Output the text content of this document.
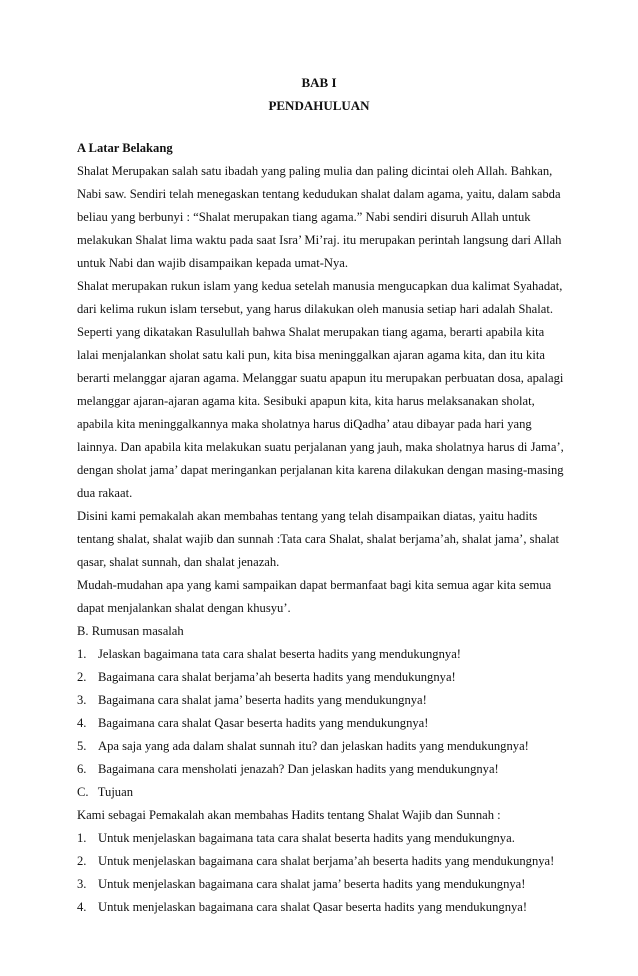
BAB I
PENDAHULUAN
A Latar Belakang
Shalat Merupakan salah satu ibadah yang paling mulia dan paling dicintai oleh Allah. Bahkan,
Nabi saw. Sendiri telah menegaskan tentang kedudukan shalat dalam agama, yaitu, dalam sabda
beliau yang berbunyi : “Shalat merupakan tiang agama.” Nabi sendiri disuruh Allah untuk
melakukan Shalat lima waktu pada saat Isra’ Mi’raj. itu merupakan perintah langsung dari Allah
untuk Nabi dan wajib disampaikan kepada umat-Nya.
Shalat merupakan rukun islam yang kedua setelah manusia mengucapkan dua kalimat Syahadat,
dari kelima rukun islam tersebut, yang harus dilakukan oleh manusia setiap hari adalah Shalat.
Seperti yang dikatakan Rasulullah bahwa Shalat merupakan tiang agama, berarti apabila kita
lalai menjalankan sholat satu kali pun, kita bisa meninggalkan ajaran agama kita, dan itu kita
berarti melanggar ajaran agama. Melanggar suatu apapun itu merupakan perbuatan dosa, apalagi
melanggar ajaran-ajaran agama kita. Sesibuki apapun kita, kita harus melaksanakan sholat,
apabila kita meninggalkannya maka sholatnya harus diQadha’ atau dibayar pada hari yang
lainnya. Dan apabila kita melakukan suatu perjalanan yang jauh, maka sholatnya harus di Jama’,
dengan sholat jama’ dapat meringankan perjalanan kita karena dilakukan dengan masing-masing
dua rakaat.
Disini kami pemakalah akan membahas tentang yang telah disampaikan diatas, yaitu hadits
tentang shalat, shalat wajib dan sunnah :Tata cara Shalat, shalat berjama’ah, shalat jama’, shalat
qasar, shalat sunnah, dan shalat jenazah.
Mudah-mudahan apa yang kami sampaikan dapat bermanfaat bagi kita semua agar kita semua
dapat menjalankan shalat dengan khusyu’.
B. Rumusan masalah
1. Jelaskan bagaimana tata cara shalat beserta hadits yang mendukungnya!
2. Bagaimana cara shalat berjama’ah beserta hadits yang mendukungnya!
3. Bagaimana cara shalat jama’ beserta hadits yang mendukungnya!
4. Bagaimana cara shalat Qasar beserta hadits yang mendukungnya!
5. Apa saja yang ada dalam shalat sunnah itu? dan jelaskan hadits yang mendukungnya!
6. Bagaimana cara mensholati jenazah? Dan jelaskan hadits yang mendukungnya!
C.   Tujuan
Kami sebagai Pemakalah akan membahas Hadits tentang Shalat Wajib dan Sunnah :
1. Untuk menjelaskan bagaimana tata cara shalat beserta hadits yang mendukungnya.
2. Untuk menjelaskan bagaimana cara shalat berjama’ah beserta hadits yang mendukungnya!
3. Untuk menjelaskan bagaimana cara shalat jama’ beserta hadits yang mendukungnya!
4. Untuk menjelaskan bagaimana cara shalat Qasar beserta hadits yang mendukungnya!
